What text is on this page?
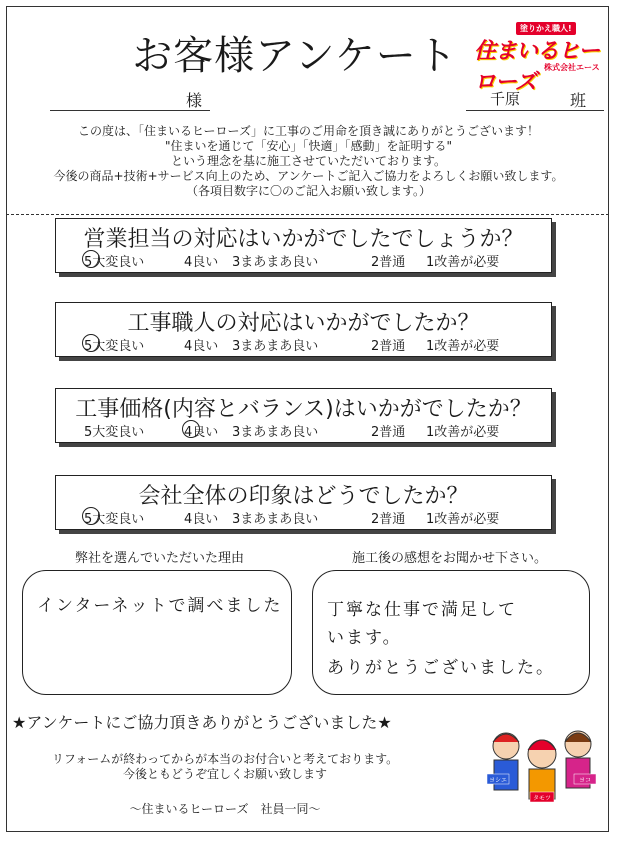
お客様アンケート
塗りかえ職人!
住まいるヒーローズ
株式会社エース
様	千原	班
この度は、「住まいるヒーローズ」に工事のご用命を頂き誠にありがとうございます！
"住まいを通じて「安心」「快適」「感動」を証明する"
という理念を基に施工させていただいております。
今後の商品+技術+サービス向上のため、アンケートご記入ご協力をよろしくお願い致します。
（各項目数字に〇のご記入お願い致します。）
営業担当の対応はいかがでしたでしょうか？
5大変良い	4良い 3まあまあ良い	2普通 1改善が必要
工事職人の対応はいかがでしたか？
5大変良い	4良い 3まあまあ良い	2普通 1改善が必要
工事価格(内容とバランス)はいかがでしたか？
5大変良い	4良い 3まあまあ良い	2普通 1改善が必要
会社全体の印象はどうでしたか？
5大変良い	4良い 3まあまあ良い	2普通 1改善が必要
弊社を選んでいただいた理由	施工後の感想をお聞かせ下さい。
インターネットで調べました	丁寧な仕事で満足して
います。
ありがとうございました。
★アンケートにご協力頂きありがとうございました★
リフォームが終わってからが本当のお付合いと考えております。
今後ともどうぞ宜しくお願い致します
〜住まいるヒーローズ　社員一同〜
ヨシエ	ヨコ
タモツ
